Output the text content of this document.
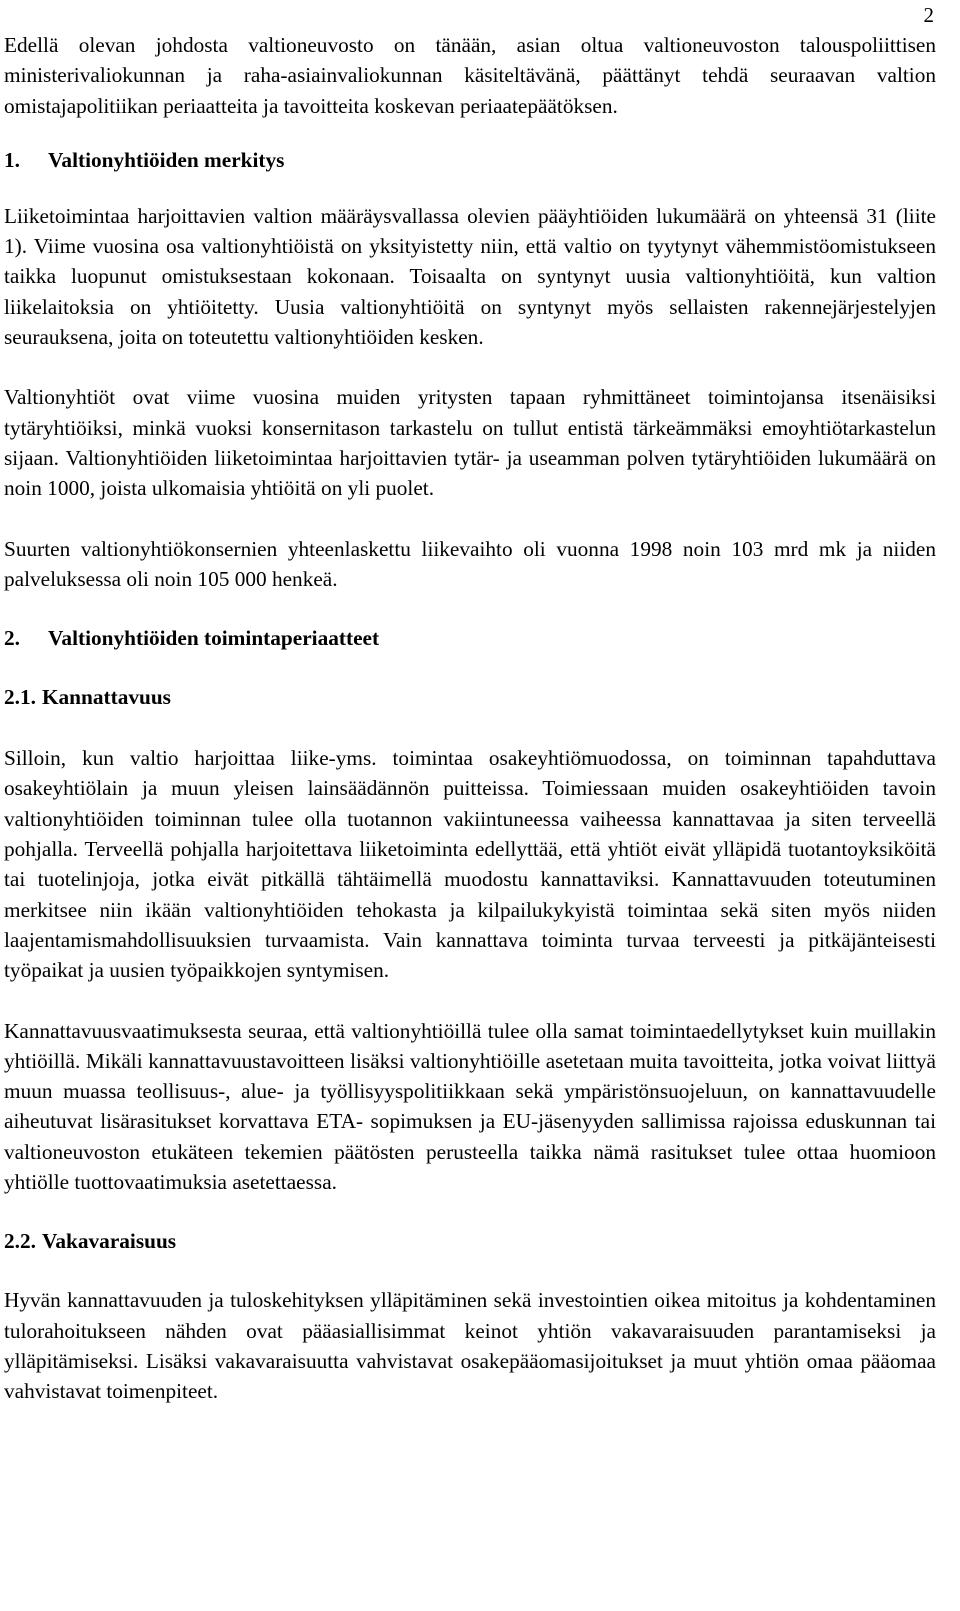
2

Edellä olevan johdosta valtioneuvosto on tänään, asian oltua valtioneuvoston talouspoliittisen ministerivaliokunnan ja raha-asiainvaliokunnan käsiteltävänä, päättänyt tehdä seuraavan valtion omistajapolitiikan periaatteita ja tavoitteita koskevan periaatepäätöksen.

1. Valtionyhtiöiden merkitys

Liiketoimintaa harjoittavien valtion määräysvallassa olevien pääyhtiöiden lukumäärä on yhteensä 31 (liite 1). Viime vuosina osa valtionyhtiöistä on yksityistetty niin, että valtio on tyytynyt vähemmistöomistukseen taikka luopunut omistuksestaan kokonaan. Toisaalta on syntynyt uusia valtionyhtiöitä, kun valtion liikelaitoksia on yhtiöitetty. Uusia valtionyhtiöitä on syntynyt myös sellaisten rakennejärjestelyjen seurauksena, joita on toteutettu valtionyhtiöiden kesken.

Valtionyhtiöt ovat viime vuosina muiden yritysten tapaan ryhmittäneet toimintojansa itsenäisiksi tytäryhtiöiksi, minkä vuoksi konsernitason tarkastelu on tullut entistä tärkeämmäksi emoyhtiötarkastelun sijaan. Valtionyhtiöiden liiketoimintaa harjoittavien tytär- ja useamman polven tytäryhtiöiden lukumäärä on noin 1000, joista ulkomaisia yhtiöitä on yli puolet.

Suurten valtionyhtiökonsernien yhteenlaskettu liikevaihto oli vuonna 1998 noin 103 mrd mk ja niiden palveluksessa oli noin 105 000 henkeä.

2. Valtionyhtiöiden toimintaperiaatteet
2.1. Kannattavuus

Silloin, kun valtio harjoittaa liike-yms. toimintaa osakeyhtiömuodossa, on toiminnan tapahduttava osakeyhtiölain ja muun yleisen lainsäädännön puitteissa. Toimiessaan muiden osakeyhtiöiden tavoin valtionyhtiöiden toiminnan tulee olla tuotannon vakiintuneessa vaiheessa kannattavaa ja siten terveellä pohjalla. Terveellä pohjalla harjoitettava liiketoiminta edellyttää, että yhtiöt eivät ylläpidä tuotantoyksiköitä tai tuotelinjoja, jotka eivät pitkällä tähtäimellä muodostu kannattaviksi. Kannattavuuden toteutuminen merkitsee niin ikään valtionyhtiöiden tehokasta ja kilpailukykyistä toimintaa sekä siten myös niiden laajentamismahdollisuuksien turvaamista. Vain kannattava toiminta turvaa terveesti ja pitkäjänteisesti työpaikat ja uusien työpaikkojen syntymisen.

Kannattavuusvaatimuksesta seuraa, että valtionyhtiöillä tulee olla samat toimintaedellytykset kuin muillakin yhtiöillä. Mikäli kannattavuustavoitteen lisäksi valtionyhtiöille asetetaan muita tavoitteita, jotka voivat liittyä muun muassa teollisuus-, alue- ja työllisyyspolitiikkaan sekä ympäristönsuojeluun, on kannattavuudelle aiheutuvat lisärasitukset korvattava ETA- sopimuksen ja EU-jäsenyyden sallimissa rajoissa eduskunnan tai valtioneuvoston etukäteen tekemien päätösten perusteella taikka nämä rasitukset tulee ottaa huomioon yhtiölle tuottovaatimuksia asetettaessa.

2.2. Vakavaraisuus

Hyvän kannattavuuden ja tuloskehityksen ylläpitäminen sekä investointien oikea mitoitus ja kohdentaminen tulorahoitukseen nähden ovat pääasiallisimmat keinot yhtiön vakavaraisuuden parantamiseksi ja ylläpitämiseksi. Lisäksi vakavaraisuutta vahvistavat osakepääomasijoitukset ja muut yhtiön omaa pääomaa vahvistavat toimenpiteet.
